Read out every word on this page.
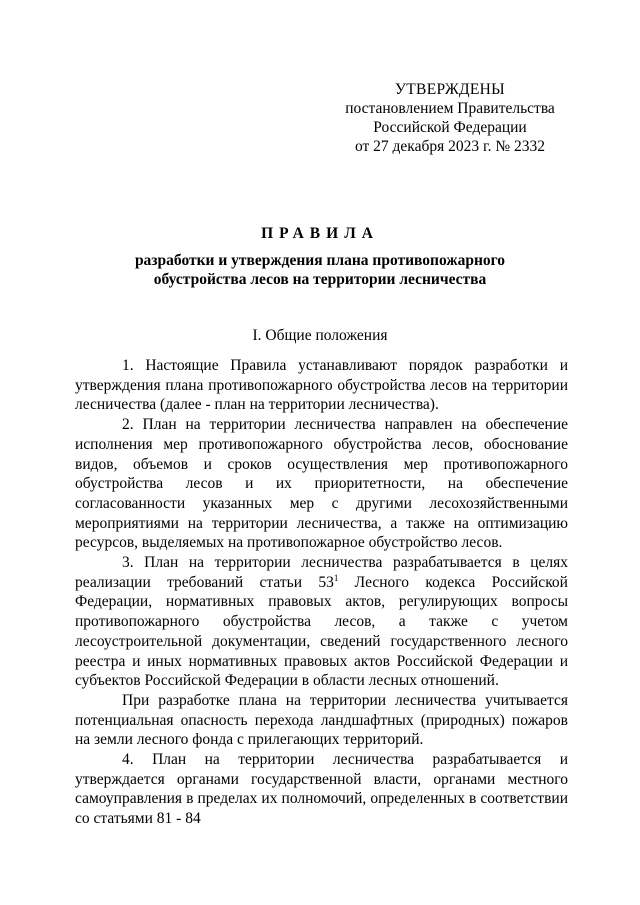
УТВЕРЖДЕНЫ
постановлением Правительства
Российской Федерации
от 27 декабря 2023 г. № 2332
ПРАВИЛА
разработки и утверждения плана противопожарного
обустройства лесов на территории лесничества
I. Общие положения

1. Настоящие Правила устанавливают порядок разработки и утверждения плана противопожарного обустройства лесов на территории лесничества (далее - план на территории лесничества).

2. План на территории лесничества направлен на обеспечение исполнения мер противопожарного обустройства лесов, обоснование видов, объемов и сроков осуществления мер противопожарного обустройства лесов и их приоритетности, на обеспечение согласованности указанных мер с другими лесохозяйственными мероприятиями на территории лесничества, а также на оптимизацию ресурсов, выделяемых на противопожарное обустройство лесов.

3. План на территории лесничества разрабатывается в целях реализации требований статьи $53^1$ Лесного кодекса Российской Федерации, нормативных правовых актов, регулирующих вопросы противопожарного обустройства лесов, а также с учетом лесоустроительной документации, сведений государственного лесного реестра и иных нормативных правовых актов Российской Федерации и субъектов Российской Федерации в области лесных отношений.

При разработке плана на территории лесничества учитывается потенциальная опасность перехода ландшафтных (природных) пожаров на земли лесного фонда с прилегающих территорий.

4. План на территории лесничества разрабатывается и утверждается органами государственной власти, органами местного самоуправления в пределах их полномочий, определенных в соответствии со статьями 81 - 84
